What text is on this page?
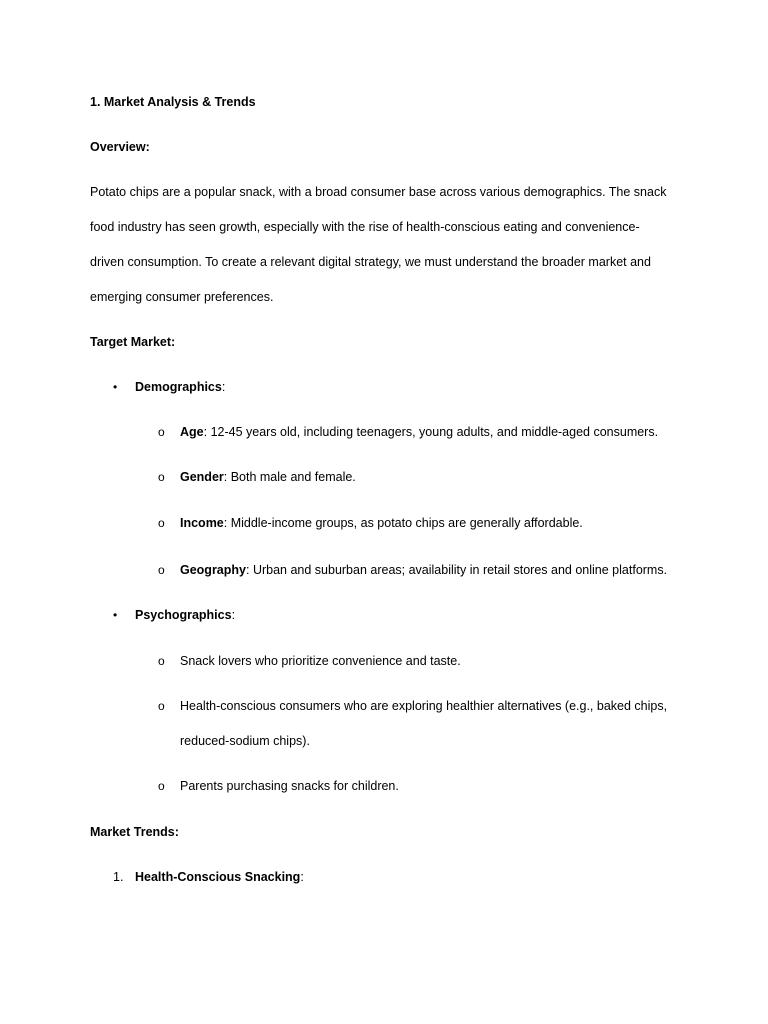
1. Market Analysis & Trends
Overview:
Potato chips are a popular snack, with a broad consumer base across various demographics. The snack
food industry has seen growth, especially with the rise of health-conscious eating and convenience-
driven consumption. To create a relevant digital strategy, we must understand the broader market and
emerging consumer preferences.
Target Market:
• Demographics:
o Age: 12-45 years old, including teenagers, young adults, and middle-aged consumers.
o Gender: Both male and female.
o Income: Middle-income groups, as potato chips are generally affordable.
o Geography: Urban and suburban areas; availability in retail stores and online platforms.
• Psychographics:
o Snack lovers who prioritize convenience and taste.
o Health-conscious consumers who are exploring healthier alternatives (e.g., baked chips,
reduced-sodium chips).
o Parents purchasing snacks for children.
Market Trends:
1. Health-Conscious Snacking:
